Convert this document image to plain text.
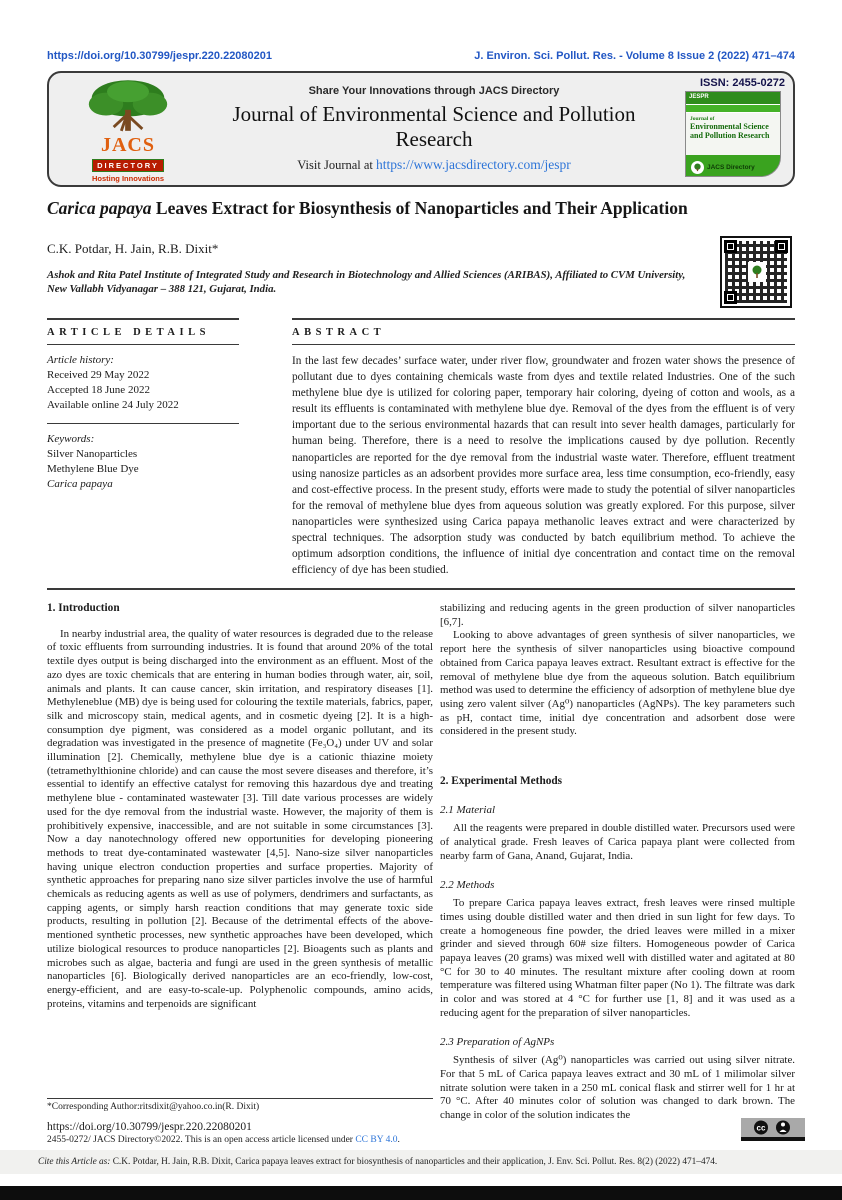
https://doi.org/10.30799/jespr.220.22080201	J. Environ. Sci. Pollut. Res. - Volume 8 Issue 2 (2022) 471–474
JACS
DIRECTORY
Hosting Innovations
Share Your Innovations through JACS Directory
Journal of Environmental Science and Pollution Research
Visit Journal at https://www.jacsdirectory.com/jespr
ISSN: 2455-0272
JESPR
Journal of
Environmental Science and Pollution Research
JACS Directory
Carica papaya Leaves Extract for Biosynthesis of Nanoparticles and Their Application
C.K. Potdar, H. Jain, R.B. Dixit*
Ashok and Rita Patel Institute of Integrated Study and Research in Biotechnology and Allied Sciences (ARIBAS), Affiliated to CVM University, New Vallabh Vidyanagar – 388 121, Gujarat, India.
ARTICLE DETAILS
Article history:
Received 29 May 2022
Accepted 18 June 2022
Available online 24 July 2022
Keywords:
Silver Nanoparticles
Methylene Blue Dye
Carica papaya
ABSTRACT
In the last few decades’ surface water, under river flow, groundwater and frozen water shows the presence of pollutant due to dyes containing chemicals waste from dyes and textile related Industries. One of the such methylene blue dye is utilized for coloring paper, temporary hair coloring, dyeing of cotton and wools, as a result its effluents is contaminated with methylene blue dye. Removal of the dyes from the effluent is of very important due to the serious environmental hazards that can result into sever health damages, particularly for human being. Therefore, there is a need to resolve the implications caused by dye pollution. Recently nanoparticles are reported for the dye removal from the industrial waste water. Therefore, effluent treatment using nanosize particles as an adsorbent provides more surface area, less time consumption, eco-friendly, easy and cost-effective process. In the present study, efforts were made to study the potential of silver nanoparticles for the removal of methylene blue dyes from aqueous solution was greatly explored. For this purpose, silver nanoparticles were synthesized using Carica papaya methanolic leaves extract and were characterized by spectral techniques. The adsorption study was conducted by batch equilibrium method. To achieve the optimum adsorption conditions, the influence of initial dye concentration and contact time on the removal efficiency of dye has been studied.
1. Introduction

In nearby industrial area, the quality of water resources is degraded due to the release of toxic effluents from surrounding industries. It is found that around 20% of the total textile dyes output is being discharged into the environment as an effluent. Most of the azo dyes are toxic chemicals that are entering in human bodies through water, air, soil, animals and plants. It can cause cancer, skin irritation, and respiratory diseases [1]. Methyleneblue (MB) dye is being used for colouring the textile materials, fabrics, paper, silk and microscopy stain, medical agents, and in cosmetic dyeing [2]. It is a high-consumption dye pigment, was considered as a model organic pollutant, and its degradation was investigated in the presence of magnetite (Fe₃O₄) under UV and solar illumination [2]. Chemically, methylene blue dye is a cationic thiazine moiety (tetramethylthionine chloride) and can cause the most severe diseases and therefore, it’s essential to identify an effective catalyst for removing this hazardous dye and treating methylene blue - contaminated wastewater [3]. Till date various processes are widely used for the dye removal from the industrial waste. However, the majority of them is prohibitively expensive, inaccessible, and are not suitable in some circumstances [3]. Now a day nanotechnology offered new opportunities for developing pioneering methods to treat dye-contaminated wastewater [4,5]. Nano-size silver nanoparticles having unique electron conduction properties and surface properties. Majority of synthetic approaches for preparing nano size silver particles involve the use of harmful chemicals as reducing agents as well as use of polymers, dendrimers and surfactants, as capping agents, or simply harsh reaction conditions that may generate toxic side products, resulting in pollution [2]. Because of the detrimental effects of the above-mentioned synthetic processes, new synthetic approaches have been developed, which utilize biological resources to produce nanoparticles [2]. Bioagents such as plants and microbes such as algae, bacteria and fungi are used in the green synthesis of metallic nanoparticles [6]. Biologically derived nanoparticles are an eco-friendly, low-cost, energy-efficient, and are easy-to-scale-up. Polyphenolic compounds, amino acids, proteins, vitamins and terpenoids are significant

stabilizing and reducing agents in the green production of silver nanoparticles [6,7].

Looking to above advantages of green synthesis of silver nanoparticles, we report here the synthesis of silver nanoparticles using bioactive compound obtained from Carica papaya leaves extract. Resultant extract is effective for the removal of methylene blue dye from the aqueous solution. Batch equilibrium method was used to determine the efficiency of adsorption of methylene blue dye using zero valent silver (Ag⁰) nanoparticles (AgNPs). The key parameters such as pH, contact time, initial dye concentration and adsorbent dose were considered in the present study.

2. Experimental Methods
2.1 Material

All the reagents were prepared in double distilled water. Precursors used were of analytical grade. Fresh leaves of Carica papaya plant were collected from nearby farm of Gana, Anand, Gujarat, India.

2.2 Methods

To prepare Carica papaya leaves extract, fresh leaves were rinsed multiple times using double distilled water and then dried in sun light for few days. To create a homogeneous fine powder, the dried leaves were milled in a mixer grinder and sieved through 60# size filters. Homogeneous powder of Carica papaya leaves (20 grams) was mixed well with distilled water and agitated at 80 °C for 30 to 40 minutes. The resultant mixture after cooling down at room temperature was filtered using Whatman filter paper (No 1). The filtrate was dark in color and was stored at 4 °C for further use [1, 8] and it was used as a reducing agent for the preparation of silver nanoparticles.

2.3 Preparation of AgNPs

Synthesis of silver (Ag⁰) nanoparticles was carried out using silver nitrate. For that 5 mL of Carica papaya leaves extract and 30 mL of 1 milimolar silver nitrate solution were taken in a 250 mL conical flask and stirrer well for 1 hr at 70 °C. After 40 minutes color of solution was changed to dark brown. The change in color of the solution indicates the

*Corresponding Author:ritsdixit@yahoo.co.in(R. Dixit)
https://doi.org/10.30799/jespr.220.22080201
2455-0272/ JACS Directory©2022. This is an open access article licensed under CC BY 4.0.
cc
Cite this Article as: C.K. Potdar, H. Jain, R.B. Dixit, Carica papaya leaves extract for biosynthesis of nanoparticles and their application, J. Env. Sci. Pollut. Res. 8(2) (2022) 471–474.
